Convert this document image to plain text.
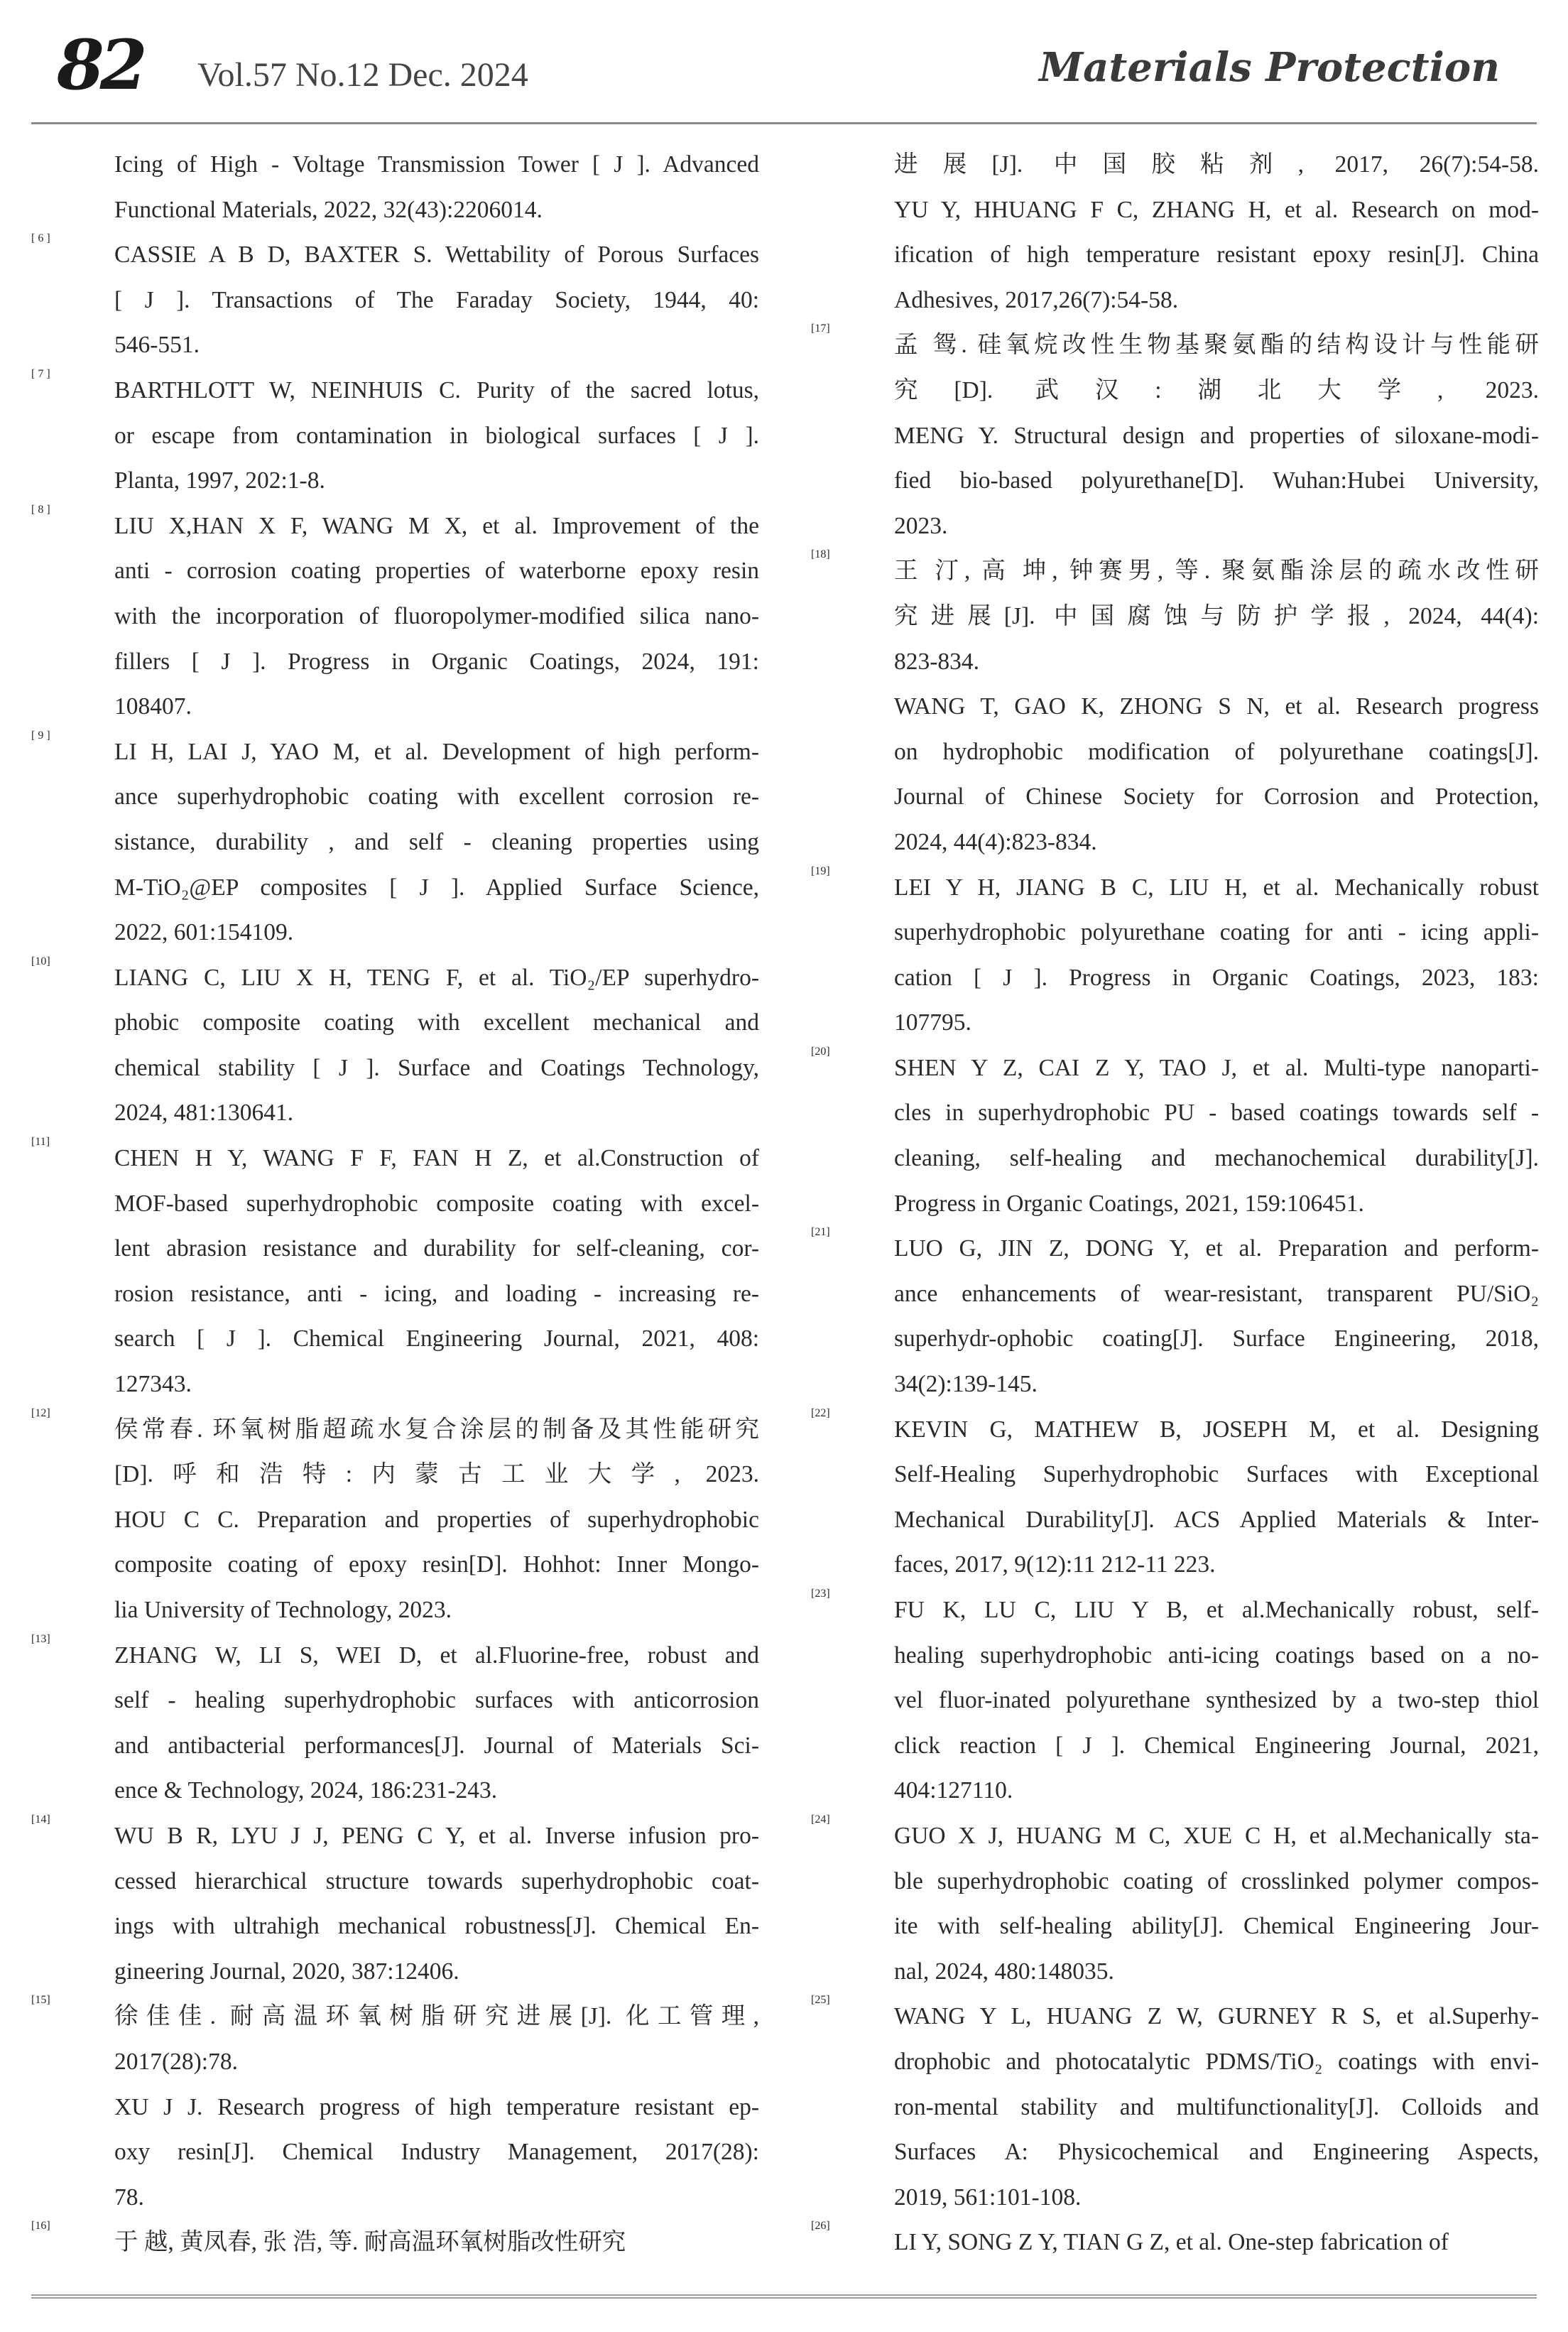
82 Vol.57 No.12 Dec. 2024	Materials Protection
Icing of High - Voltage Transmission Tower [ J ]. Advanced
Functional Materials, 2022, 32(43):2206014.
[ 6 ]
CASSIE A B D, BAXTER S. Wettability of Porous Surfaces
[ J ]. Transactions of The Faraday Society, 1944, 40:
546-551.
[ 7 ]
BARTHLOTT W, NEINHUIS C. Purity of the sacred lotus,
or escape from contamination in biological surfaces [ J ].
Planta, 1997, 202:1-8.
[ 8 ]
LIU X,HAN X F, WANG M X, et al. Improvement of the
anti - corrosion coating properties of waterborne epoxy resin
with the incorporation of fluoropolymer-modified silica nano-
fillers [ J ]. Progress in Organic Coatings, 2024, 191:
108407.
[ 9 ]
LI H, LAI J, YAO M, et al. Development of high perform-
ance superhydrophobic coating with excellent corrosion re-
sistance, durability , and self - cleaning properties using
M-TiO₂@EP composites [ J ]. Applied Surface Science,
2022, 601:154109.
[10]
LIANG C, LIU X H, TENG F, et al. TiO₂/EP superhydro-
phobic composite coating with excellent mechanical and
chemical stability [ J ]. Surface and Coatings Technology,
2024, 481:130641.
[11]
CHEN H Y, WANG F F, FAN H Z, et al.Construction of
MOF-based superhydrophobic composite coating with excel-
lent abrasion resistance and durability for self-cleaning, cor-
rosion resistance, anti - icing, and loading - increasing re-
search [ J ]. Chemical Engineering Journal, 2021, 408:
127343.
[12]
侯常春. 环氧树脂超疏水复合涂层的制备及其性能研究
[D].呼和浩特:内蒙古工业大学, 2023.
HOU C C. Preparation and properties of superhydrophobic
composite coating of epoxy resin[D]. Hohhot: Inner Mongo-
lia University of Technology, 2023.
[13]
ZHANG W, LI S, WEI D, et al.Fluorine-free, robust and
self - healing superhydrophobic surfaces with anticorrosion
and antibacterial performances[J]. Journal of Materials Sci-
ence & Technology, 2024, 186:231-243.
[14]
WU B R, LYU J J, PENG C Y, et al. Inverse infusion pro-
cessed hierarchical structure towards superhydrophobic coat-
ings with ultrahigh mechanical robustness[J]. Chemical En-
gineering Journal, 2020, 387:12406.
[15]
徐佳佳. 耐高温环氧树脂研究进展[J]. 化工管理,
2017(28):78.
XU J J. Research progress of high temperature resistant ep-
oxy resin[J]. Chemical Industry Management, 2017(28):
78.
[16]
于 越, 黄凤春, 张 浩, 等. 耐高温环氧树脂改性研究
进展[J]. 中国胶粘剂, 2017, 26(7):54-58.
YU Y, HHUANG F C, ZHANG H, et al. Research on mod-
ification of high temperature resistant epoxy resin[J]. China
Adhesives, 2017,26(7):54-58.
[17]
孟 鸳. 硅氧烷改性生物基聚氨酯的结构设计与性能研
究[D]. 武汉:湖北大学, 2023.
MENG Y. Structural design and properties of siloxane-modi-
fied bio-based polyurethane[D]. Wuhan:Hubei University,
2023.
[18]
王 汀, 高 坤, 钟赛男, 等. 聚氨酯涂层的疏水改性研
究进展[J]. 中国腐蚀与防护学报, 2024, 44(4):
823-834.
WANG T, GAO K, ZHONG S N, et al. Research progress
on hydrophobic modification of polyurethane coatings[J].
Journal of Chinese Society for Corrosion and Protection,
2024, 44(4):823-834.
[19]
LEI Y H, JIANG B C, LIU H, et al. Mechanically robust
superhydrophobic polyurethane coating for anti - icing appli-
cation [ J ]. Progress in Organic Coatings, 2023, 183:
107795.
[20]
SHEN Y Z, CAI Z Y, TAO J, et al. Multi-type nanoparti-
cles in superhydrophobic PU - based coatings towards self -
cleaning, self-healing and mechanochemical durability[J].
Progress in Organic Coatings, 2021, 159:106451.
[21]
LUO G, JIN Z, DONG Y, et al. Preparation and perform-
ance enhancements of wear-resistant, transparent PU/SiO₂
superhydr-ophobic coating[J]. Surface Engineering, 2018,
34(2):139-145.
[22]
KEVIN G, MATHEW B, JOSEPH M, et al. Designing
Self-Healing Superhydrophobic Surfaces with Exceptional
Mechanical Durability[J]. ACS Applied Materials & Inter-
faces, 2017, 9(12):11 212-11 223.
[23]
FU K, LU C, LIU Y B, et al.Mechanically robust, self-
healing superhydrophobic anti-icing coatings based on a no-
vel fluor-inated polyurethane synthesized by a two-step thiol
click reaction [ J ]. Chemical Engineering Journal, 2021,
404:127110.
[24]
GUO X J, HUANG M C, XUE C H, et al.Mechanically sta-
ble superhydrophobic coating of crosslinked polymer compos-
ite with self-healing ability[J]. Chemical Engineering Jour-
nal, 2024, 480:148035.
[25]
WANG Y L, HUANG Z W, GURNEY R S, et al.Superhy-
drophobic and photocatalytic PDMS/TiO₂ coatings with envi-
ron-mental stability and multifunctionality[J]. Colloids and
Surfaces A: Physicochemical and Engineering Aspects,
2019, 561:101-108.
[26]
LI Y, SONG Z Y, TIAN G Z, et al. One-step fabrication of
